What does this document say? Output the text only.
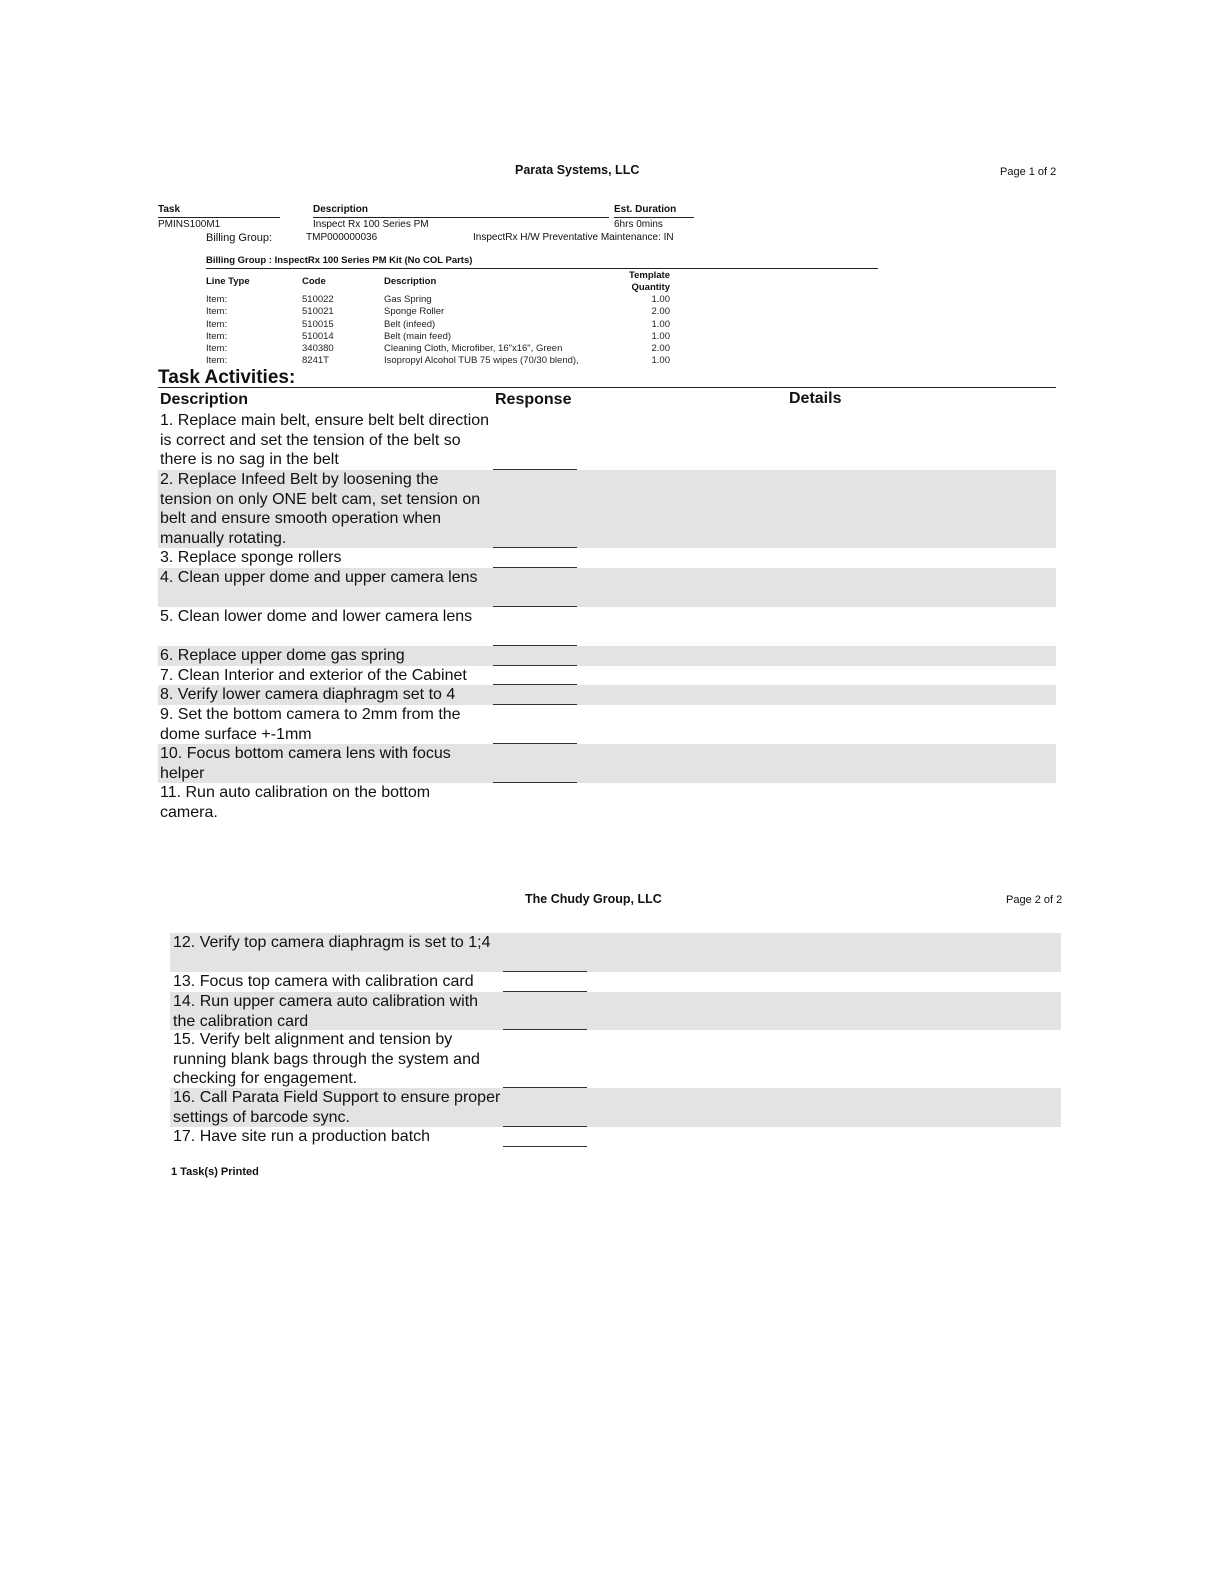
Parata Systems, LLC	Page 1 of 2
Task	Description	Est. Duration
PMINS100M1	Inspect Rx 100 Series PM	6hrs 0mins
Billing Group:	TMP000000036	InspectRx H/W Preventative Maintenance: IN
Billing Group : InspectRx 100 Series PM Kit (No COL Parts)
Line Type	Code	Description	Template Quantity	
Item:	510022	Gas Spring	1.00	
Item:	510021	Sponge Roller	2.00	
Item:	510015	Belt (infeed)	1.00	
Item:	510014	Belt (main feed)	1.00	
Item:	340380	Cleaning Cloth, Microfiber, 16"x16", Green	2.00	
Item:	8241T	Isopropyl Alcohol TUB 75 wipes (70/30 blend),	1.00	
Task Activities:
Description	Response	Details
1. Replace main belt, ensure belt belt direction is correct and set the tension of the belt so there is no sag in the belt
2. Replace Infeed Belt by loosening the tension on only ONE belt cam, set tension on belt and ensure smooth operation when manually rotating.
3. Replace sponge rollers
4. Clean upper dome and upper camera lens
5. Clean lower dome and lower camera lens
6. Replace upper dome gas spring
7. Clean Interior and exterior of the Cabinet
8. Verify lower camera diaphragm set to 4
9. Set the bottom camera to 2mm from the dome surface +-1mm
10. Focus bottom camera lens with focus helper
11. Run auto calibration on the bottom camera.
The Chudy Group, LLC	Page 2 of 2
12. Verify top camera diaphragm is set to 1;4
13. Focus top camera with calibration card
14. Run upper camera auto calibration with the calibration card
15. Verify belt alignment and tension by running blank bags through the system and checking for engagement.
16. Call Parata Field Support to ensure proper settings of barcode sync.
17. Have site run a production batch
1 Task(s) Printed
